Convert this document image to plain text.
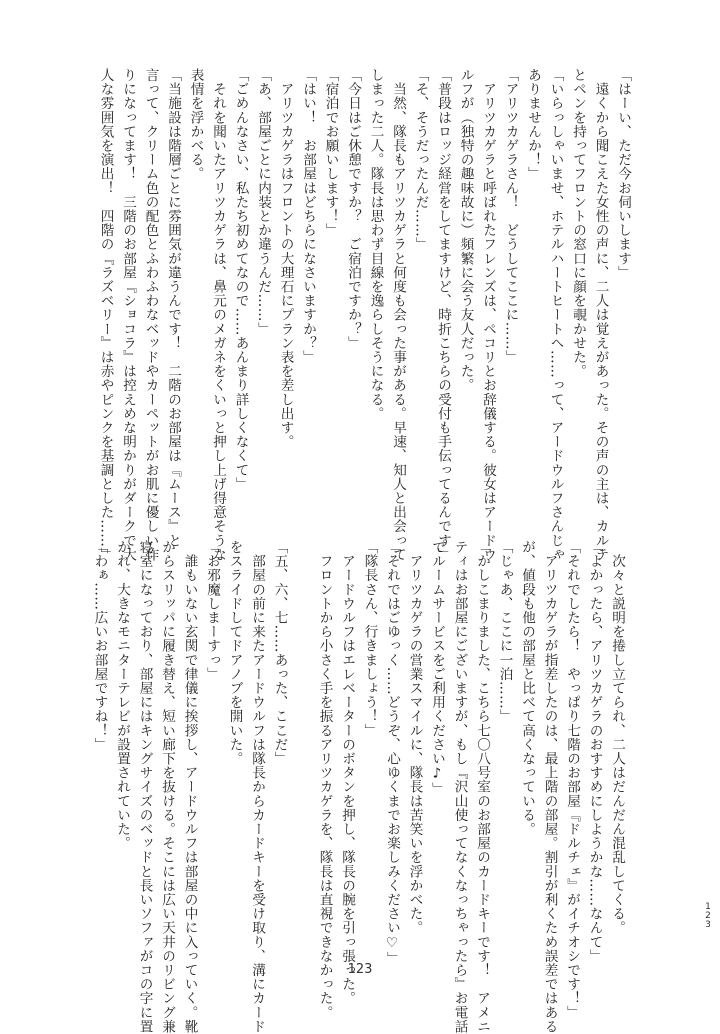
「はーい、ただ今お伺いします」
　遠くから聞こえた女性の声に、二人は覚えがあった。その声の主は、カルテ
とペンを持ってフロントの窓口に顔を覗かせた。
「いらっしゃいませ、ホテルハートヒートへ……って、アードウルフさんじゃ
ありませんか！」
「アリツカゲラさん！　どうしてここに……」
　アリツカゲラと呼ばれたフレンズは、ペコリとお辞儀する。彼女はアードウ
ルフが（独特の趣味故に）頻繁に会う友人だった。
「普段はロッジ経営をしてますけど、時折こちらの受付も手伝ってるんです」
「そ、そうだったんだ……」
　当然、隊長もアリツカゲラと何度も会った事がある。早速、知人と出会って
しまった二人。隊長は思わず目線を逸らしそうになる。
「今日はご休憩ですか？　ご宿泊ですか？」
「宿泊でお願いします！」
「はい！　お部屋はどちらになさいますか？」
　アリツカゲラはフロントの大理石にプラン表を差し出す。
「あ、部屋ごとに内装とか違うんだ……」
「ごめんなさい、私たち初めてなので……あんまり詳しくなくて」
　それを聞いたアリツカゲラは、鼻元のメガネをくいっと押し上げ得意そうな
表情を浮かべる。
「当施設は階層ごとに雰囲気が違うんです！　二階のお部屋は『ムース』と
言って、クリーム色の配色とふわふわなベッドやカーペットがお肌に優しい作
りになってます！　三階のお部屋『ショコラ』は控えめな明かりがダークで大
人な雰囲気を演出！　四階の『ラズベリー』は赤やピンクを基調とした……」
　次々と説明を捲し立てられ、二人はだんだん混乱してくる。
「よかったら、アリツカゲラのおすすめにしようかな……なんて」
「それでしたら！　やっぱり七階のお部屋『ドルチェ』がイチオシです！」
　アリツカゲラが指差したのは、最上階の部屋。割引が利くため誤差ではある
が、値段も他の部屋と比べて高くなっている。
「じゃあ、ここに一泊……」
「かしこまりました、こちら七〇八号室のお部屋のカードキーです！　アメニ
ティはお部屋にございますが、もし『沢山使ってなくなっちゃったら』お電話
でルームサービスをご利用ください♪」
　アリツカゲラの営業スマイルに、隊長は苦笑いを浮かべた。
「それではごゆっく……どうぞ、心ゆくまでお楽しみください♡」
「隊長さん、行きましょう！」
　アードウルフはエレベーターのボタンを押し、隊長の腕を引っ張った。
　フロントから小さく手を振るアリツカゲラを、隊長は直視できなかった。

「五、六、七……あった、ここだ」
　部屋の前に来たアードウルフは隊長からカードキーを受け取り、溝にカード
をスライドしてドアノブを開いた。
「お邪魔しまーすっ」
　誰もいない玄関で律儀に挨拶し、アードウルフは部屋の中に入っていく。靴
からスリッパに履き替え、短い廊下を抜ける。そこには広い天井のリビング兼
寝室になっており、部屋にはキングサイズのベッドと長いソファがコの字に置
かれ、大きなモニターテレビが設置されていた。
「わぁ……広いお部屋ですね！」
123
1
2
3
